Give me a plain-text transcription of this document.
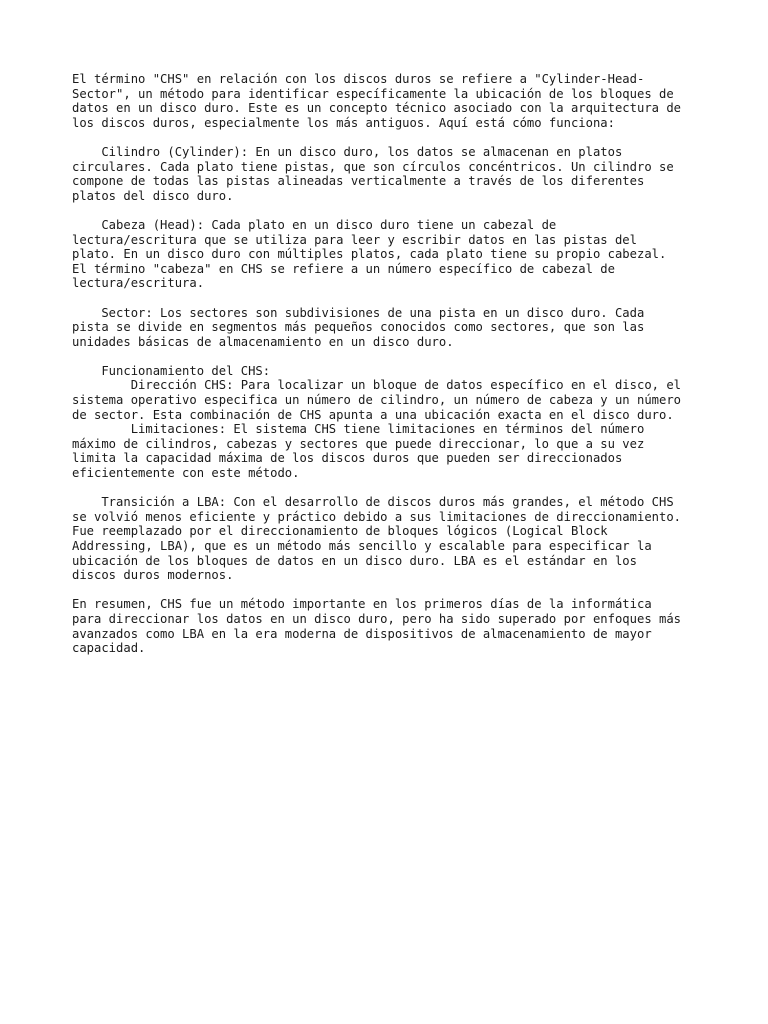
El término "CHS" en relación con los discos duros se refiere a "Cylinder-Head-
Sector", un método para identificar específicamente la ubicación de los bloques de
datos en un disco duro. Este es un concepto técnico asociado con la arquitectura de
los discos duros, especialmente los más antiguos. Aquí está cómo funciona:
Cilindro (Cylinder): En un disco duro, los datos se almacenan en platos
circulares. Cada plato tiene pistas, que son círculos concéntricos. Un cilindro se
compone de todas las pistas alineadas verticalmente a través de los diferentes
platos del disco duro.
Cabeza (Head): Cada plato en un disco duro tiene un cabezal de
lectura/escritura que se utiliza para leer y escribir datos en las pistas del
plato. En un disco duro con múltiples platos, cada plato tiene su propio cabezal.
El término "cabeza" en CHS se refiere a un número específico de cabezal de
lectura/escritura.
Sector: Los sectores son subdivisiones de una pista en un disco duro. Cada
pista se divide en segmentos más pequeños conocidos como sectores, que son las
unidades básicas de almacenamiento en un disco duro.
Funcionamiento del CHS:
Dirección CHS: Para localizar un bloque de datos específico en el disco, el
sistema operativo especifica un número de cilindro, un número de cabeza y un número
de sector. Esta combinación de CHS apunta a una ubicación exacta en el disco duro.
Limitaciones: El sistema CHS tiene limitaciones en términos del número
máximo de cilindros, cabezas y sectores que puede direccionar, lo que a su vez
limita la capacidad máxima de los discos duros que pueden ser direccionados
eficientemente con este método.
Transición a LBA: Con el desarrollo de discos duros más grandes, el método CHS
se volvió menos eficiente y práctico debido a sus limitaciones de direccionamiento.
Fue reemplazado por el direccionamiento de bloques lógicos (Logical Block
Addressing, LBA), que es un método más sencillo y escalable para especificar la
ubicación de los bloques de datos en un disco duro. LBA es el estándar en los
discos duros modernos.
En resumen, CHS fue un método importante en los primeros días de la informática
para direccionar los datos en un disco duro, pero ha sido superado por enfoques más
avanzados como LBA en la era moderna de dispositivos de almacenamiento de mayor
capacidad.
